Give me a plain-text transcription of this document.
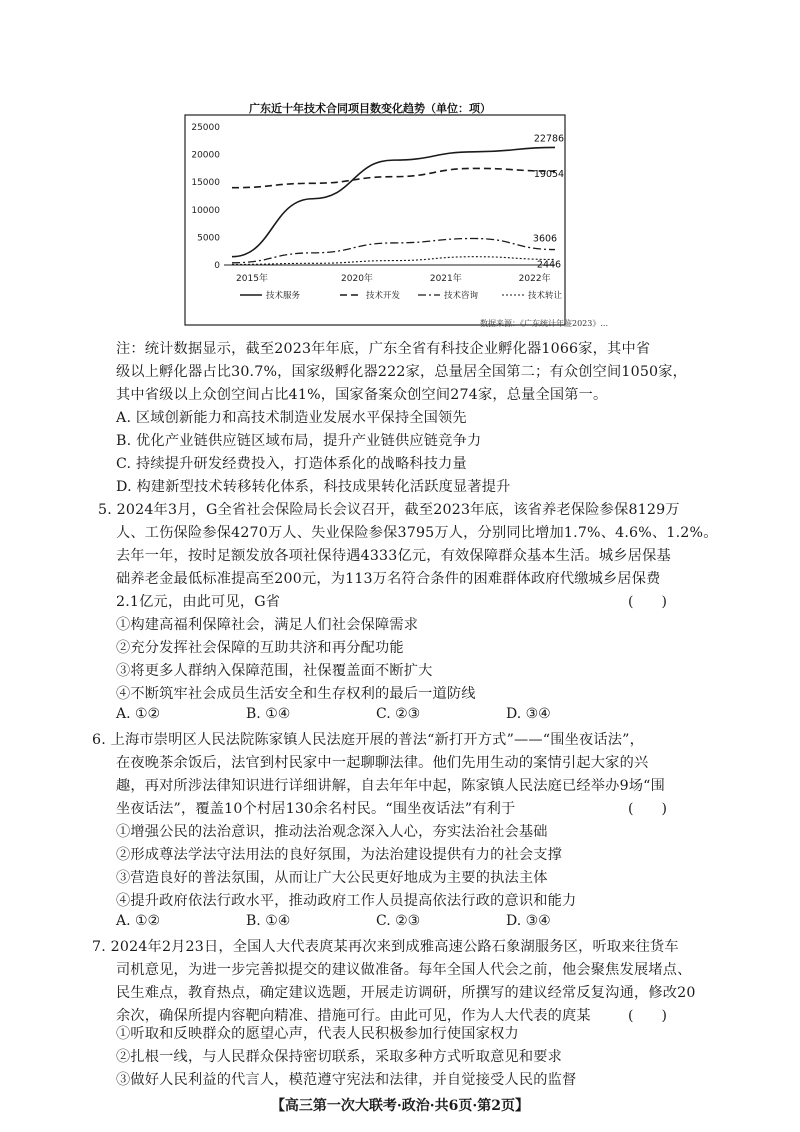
广东近十年技术合同项目数变化趋势（单位：项）
0
5000
10000
15000
20000
25000
2015年	2020年	2021年	2022年
22786
19054
3606
2446
技术服务	技术开发	技术咨询	技术转让
数据来源：《广东统计年鉴2023》...
注：统计数据显示，截至2023年年底，广东全省有科技企业孵化器1066家，其中省
级以上孵化器占比30.7%，国家级孵化器222家，总量居全国第二；有众创空间1050家，
其中省级以上众创空间占比41%，国家备案众创空间274家，总量全国第一。
A. 区域创新能力和高技术制造业发展水平保持全国领先
B. 优化产业链供应链区域布局，提升产业链供应链竞争力
C. 持续提升研发经费投入，打造体系化的战略科技力量
D. 构建新型技术转移转化体系，科技成果转化活跃度显著提升
5. 2024年3月，G全省社会保险局长会议召开，截至2023年底，该省养老保险参保8129万
人、工伤保险参保4270万人、失业保险参保3795万人，分别同比增加1.7%、4.6%、1.2%。
去年一年，按时足额发放各项社保待遇4333亿元，有效保障群众基本生活。城乡居保基
础养老金最低标准提高至200元，为113万名符合条件的困难群体政府代缴城乡居保费
2.1亿元，由此可见，G省	(　　)
①构建高福利保障社会，满足人们社会保障需求
②充分发挥社会保障的互助共济和再分配功能
③将更多人群纳入保障范围，社保覆盖面不断扩大
④不断筑牢社会成员生活安全和生存权利的最后一道防线
A. ①②	B. ①④	C. ②③	D. ③④
6. 上海市崇明区人民法院陈家镇人民法庭开展的普法“新打开方式”——“围坐夜话法”，
在夜晚茶余饭后，法官到村民家中一起聊聊法律。他们先用生动的案情引起大家的兴
趣，再对所涉法律知识进行详细讲解，自去年年中起，陈家镇人民法庭已经举办9场“围
坐夜话法”，覆盖10个村居130余名村民。“围坐夜话法”有利于	(　　)
①增强公民的法治意识，推动法治观念深入人心，夯实法治社会基础
②形成尊法学法守法用法的良好氛围，为法治建设提供有力的社会支撑
③营造良好的普法氛围，从而让广大公民更好地成为主要的执法主体
④提升政府依法行政水平，推动政府工作人员提高依法行政的意识和能力
A. ①②	B. ①④	C. ②③	D. ③④
7. 2024年2月23日，全国人大代表庹某再次来到成雅高速公路石象湖服务区，听取来往货车
司机意见，为进一步完善拟提交的建议做准备。每年全国人代会之前，他会聚焦发展堵点、
民生难点，教育热点，确定建议选题，开展走访调研，所撰写的建议经常反复沟通，修改20
余次，确保所提内容靶向精准、措施可行。由此可见，作为人大代表的庹某	(　　)
【高三第一次大联考·政治·共6页·第2页】
①听取和反映群众的愿望心声，代表人民积极参加行使国家权力
②扎根一线，与人民群众保持密切联系，采取多种方式听取意见和要求
③做好人民利益的代言人，模范遵守宪法和法律，并自觉接受人民的监督
